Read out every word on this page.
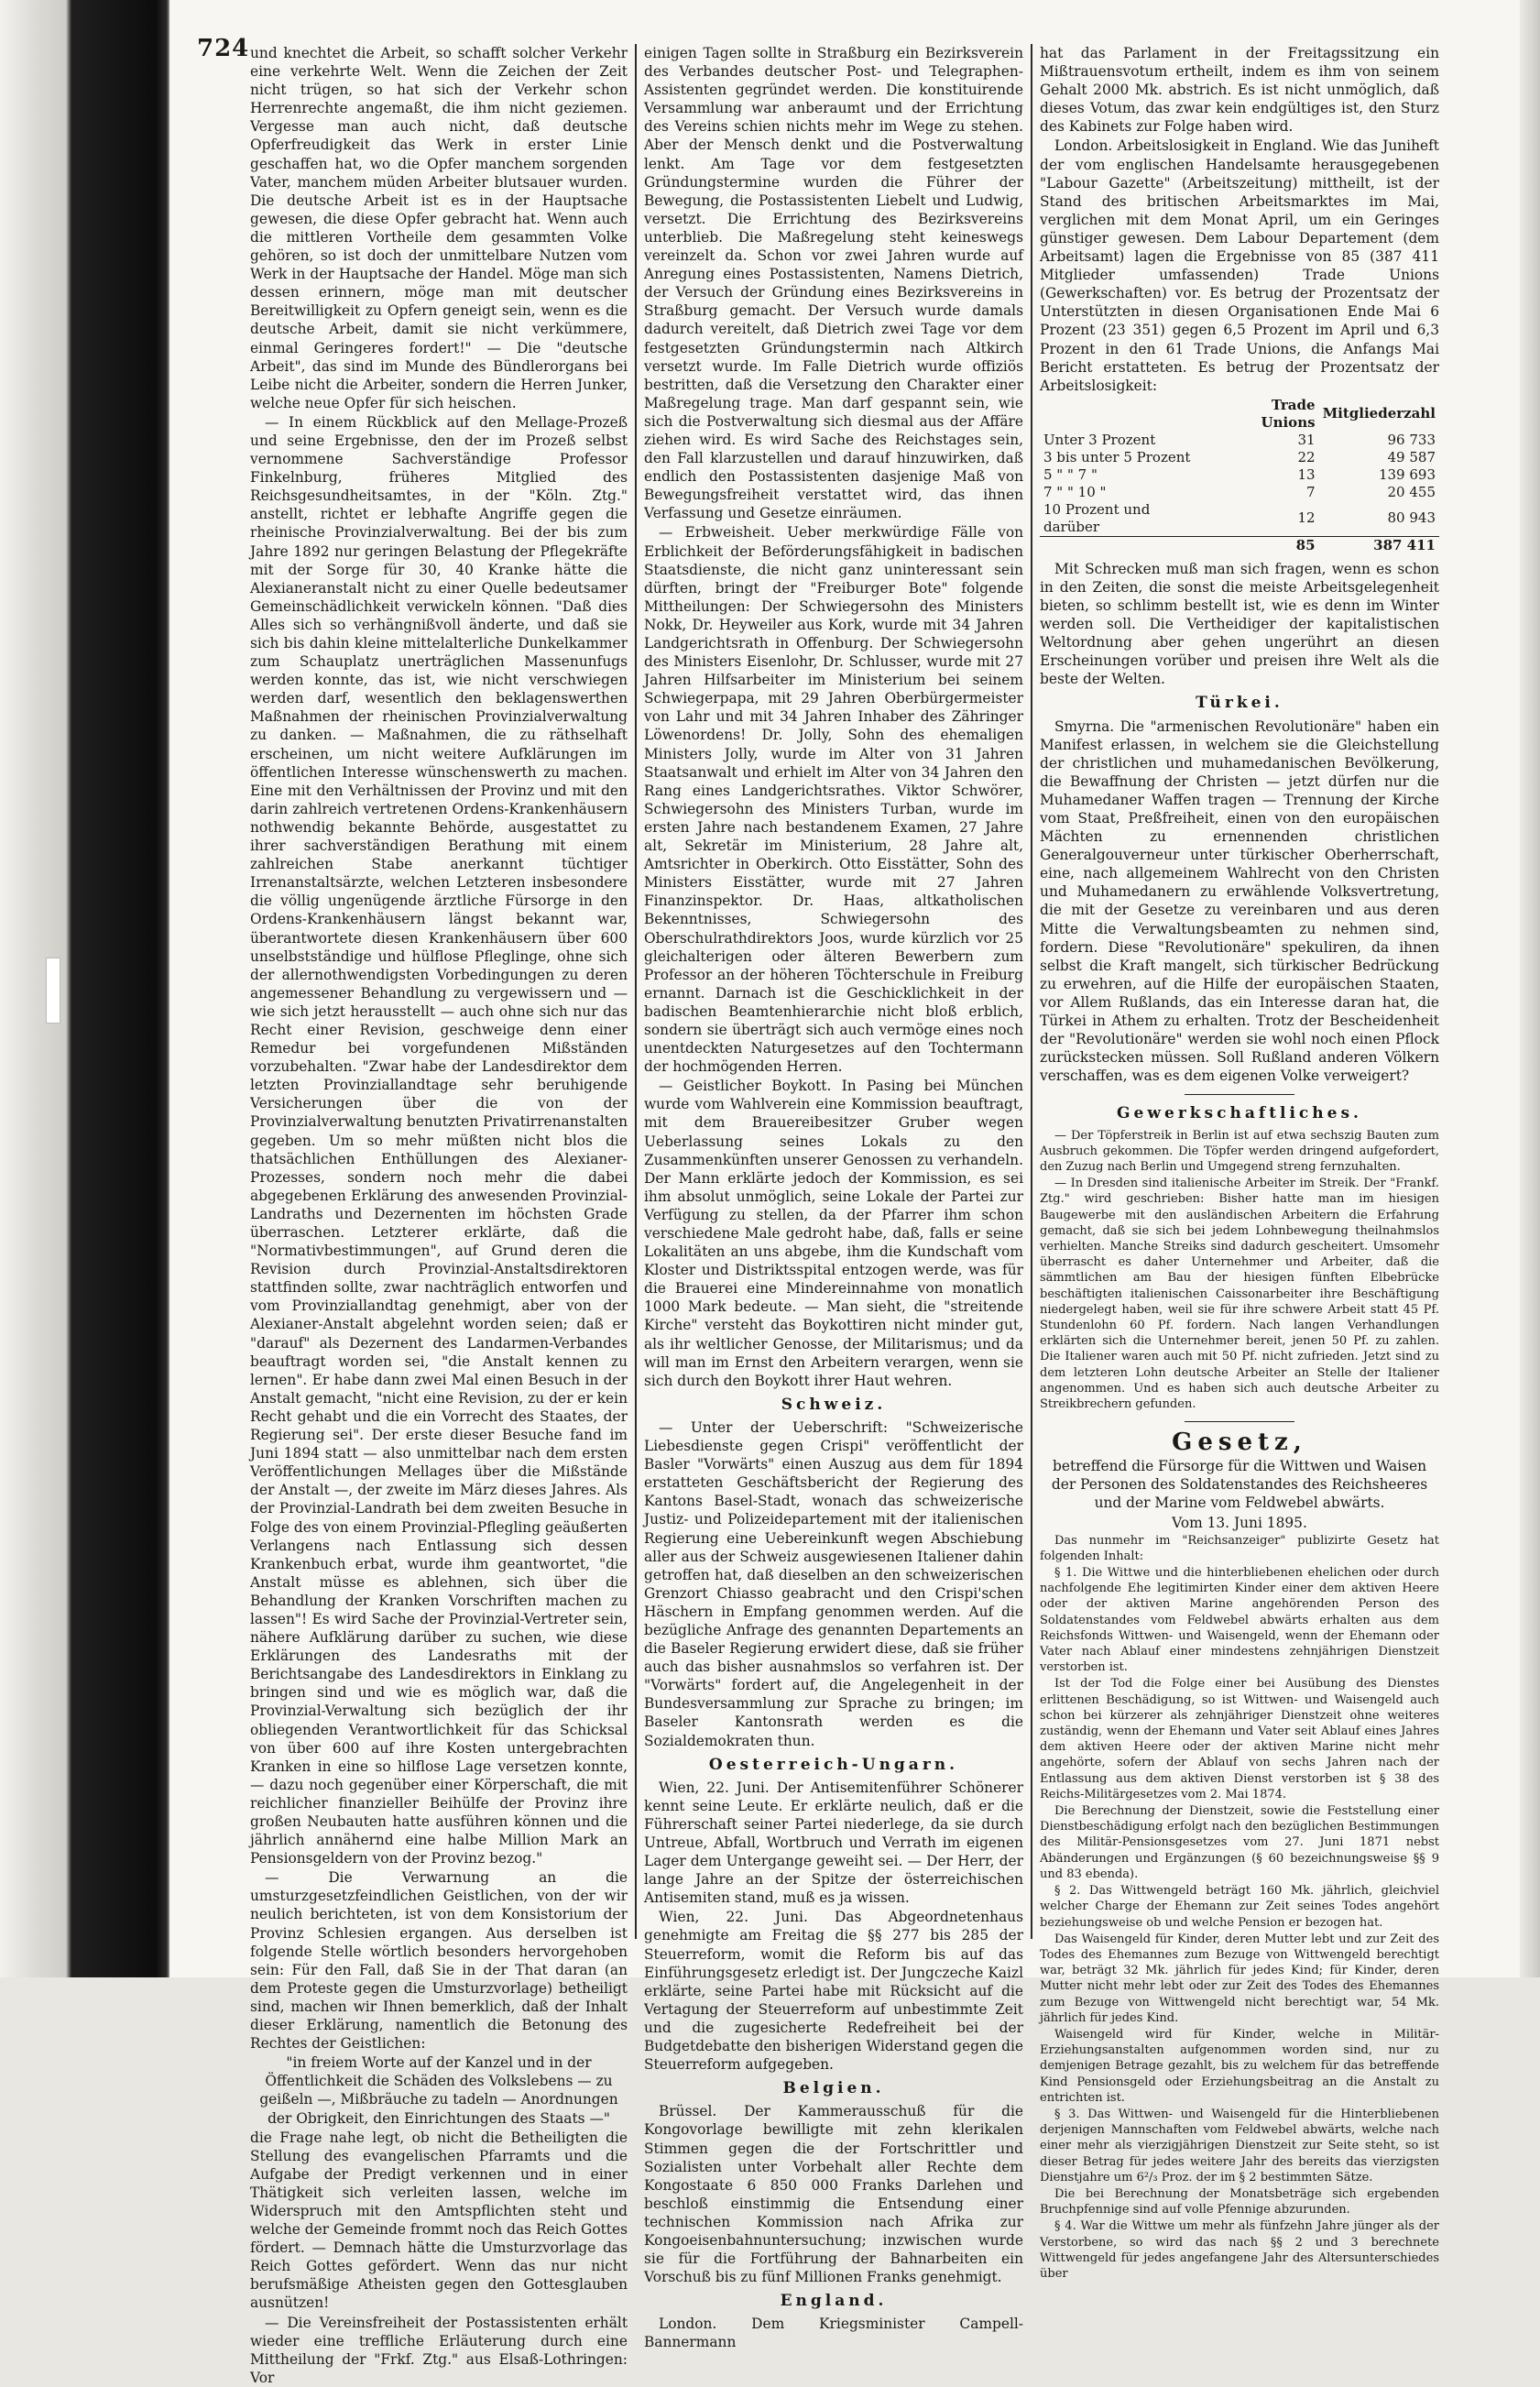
724 und knechtet die Arbeit, so schafft solcher Verkehr eine verkehrte Welt. Wenn die Zeichen der Zeit nicht trügen, so hat sich der Verkehr schon Herrenrechte angemaßt, die ihm nicht geziemen. Vergesse man auch nicht, daß deutsche Opferfreudigkeit das Werk in erster Linie geschaffen hat, wo die Opfer manchem sorgenden Vater, manchem müden Arbeiter blutsauer wurden. Die deutsche Arbeit ist es in der Hauptsache gewesen, die diese Opfer gebracht hat. Wenn auch die mittleren Vortheile dem gesammten Volke gehören, so ist doch der unmittelbare Nutzen vom Werk in der Hauptsache der Handel. Möge man sich dessen erinnern, möge man mit deutscher Bereitwilligkeit zu Opfern geneigt sein, wenn es die deutsche Arbeit, damit sie nicht verkümmere, einmal Geringeres fordert!" — Die "deutsche Arbeit", das sind im Munde des Bündlerorgans bei Leibe nicht die Arbeiter, sondern die Herren Junker, welche neue Opfer für sich heischen.

— In einem Rückblick auf den Mellage-Prozeß und seine Ergebnisse, den der im Prozeß selbst vernommene Sachverständige Professor Finkelnburg, früheres Mitglied des Reichsgesundheitsamtes, in der "Köln. Ztg." anstellt, richtet er lebhafte Angriffe gegen die rheinische Provinzialverwaltung. Bei der bis zum Jahre 1892 nur geringen Belastung der Pflegekräfte mit der Sorge für 30, 40 Kranke hätte die Alexianeranstalt nicht zu einer Quelle bedeutsamer Gemeinschädlichkeit verwickeln können. "Daß dies Alles sich so verhängnißvoll änderte, und daß sie sich bis dahin kleine mittelalterliche Dunkelkammer zum Schauplatz unerträglichen Massenunfugs werden konnte, das ist, wie nicht verschwiegen werden darf, wesentlich den beklagenswerthen Maßnahmen der rheinischen Provinzialverwaltung zu danken. — Maßnahmen, die zu räthselhaft erscheinen, um nicht weitere Aufklärungen im öffentlichen Interesse wünschenswerth zu machen. Eine mit den Verhältnissen der Provinz und mit den darin zahlreich vertretenen Ordens-Krankenhäusern nothwendig bekannte Behörde, ausgestattet zu ihrer sachverständigen Berathung mit einem zahlreichen Stabe anerkannt tüchtiger Irrenanstaltsärzte, welchen Letzteren insbesondere die völlig ungenügende ärztliche Fürsorge in den Ordens-Krankenhäusern längst bekannt war, überantwortete diesen Krankenhäusern über 600 unselbstständige und hülflose Pfleglinge, ohne sich der allernothwendigsten Vorbedingungen zu deren angemessener Behandlung zu vergewissern und — wie sich jetzt herausstellt — auch ohne sich nur das Recht einer Revision, geschweige denn einer Remedur bei vorgefundenen Mißständen vorzubehalten. "Zwar habe der Landesdirektor dem letzten Provinziallandtage sehr beruhigende Versicherungen über die von der Provinzialverwaltung benutzten Privatirrenanstalten gegeben. Um so mehr müßten nicht blos die thatsächlichen Enthüllungen des Alexianer-Prozesses, sondern noch mehr die dabei abgegebenen Erklärung des anwesenden Provinzial-Landraths und Dezernenten im höchsten Grade überraschen. Letzterer erklärte, daß die "Normativbestimmungen", auf Grund deren die Revision durch Provinzial-Anstaltsdirektoren stattfinden sollte, zwar nachträglich entworfen und vom Provinziallandtag genehmigt, aber von der Alexianer-Anstalt abgelehnt worden seien; daß er "darauf" als Dezernent des Landarmen-Verbandes beauftragt worden sei, "die Anstalt kennen zu lernen". Er habe dann zwei Mal einen Besuch in der Anstalt gemacht, "nicht eine Revision, zu der er kein Recht gehabt und die ein Vorrecht des Staates, der Regierung sei". Der erste dieser Besuche fand im Juni 1894 statt — also unmittelbar nach dem ersten Veröffentlichungen Mellages über die Mißstände der Anstalt —, der zweite im März dieses Jahres. Als der Provinzial-Landrath bei dem zweiten Besuche in Folge des von einem Provinzial-Pflegling geäußerten Verlangens nach Entlassung sich dessen Krankenbuch erbat, wurde ihm geantwortet, "die Anstalt müsse es ablehnen, sich über die Behandlung der Kranken Vorschriften machen zu lassen"! Es wird Sache der Provinzial-Vertreter sein, nähere Aufklärung darüber zu suchen, wie diese Erklärungen des Landesraths mit der Berichtsangabe des Landesdirektors in Einklang zu bringen sind und wie es möglich war, daß die Provinzial-Verwaltung sich bezüglich der ihr obliegenden Verantwortlichkeit für das Schicksal von über 600 auf ihre Kosten untergebrachten Kranken in eine so hilflose Lage versetzen konnte, — dazu noch gegenüber einer Körperschaft, die mit reichlicher finanzieller Beihülfe der Provinz ihre großen Neubauten hatte ausführen können und die jährlich annähernd eine halbe Million Mark an Pensionsgeldern von der Provinz bezog."

— Die Verwarnung an die umsturzgesetzfeindlichen Geistlichen, von der wir neulich berichteten, ist von dem Konsistorium der Provinz Schlesien ergangen. Aus derselben ist folgende Stelle wörtlich besonders hervorgehoben sein: Für den Fall, daß Sie in der That daran (an dem Proteste gegen die Umsturzvorlage) betheiligt sind, machen wir Ihnen bemerklich, daß der Inhalt dieser Erklärung, namentlich die Betonung des Rechtes der Geistlichen:

"in freiem Worte auf der Kanzel und in der Öffentlichkeit die Schäden des Volkslebens — zu geißeln —, Mißbräuche zu tadeln — Anordnungen der Obrigkeit, den Einrichtungen des Staats —"

die Frage nahe legt, ob nicht die Betheiligten die Stellung des evangelischen Pfarramts und die Aufgabe der Predigt verkennen und in einer Thätigkeit sich verleiten lassen, welche im Widerspruch mit den Amtspflichten steht und welche der Gemeinde frommt noch das Reich Gottes fördert. — Demnach hätte die Umsturzvorlage das Reich Gottes gefördert. Wenn das nur nicht berufsmäßige Atheisten gegen den Gottesglauben ausnützen!

— Die Vereinsfreiheit der Postassistenten erhält wieder eine treffliche Erläuterung durch eine Mittheilung der "Frkf. Ztg." aus Elsaß-Lothringen: Vor

einigen Tagen sollte in Straßburg ein Bezirksverein des Verbandes deutscher Post- und Telegraphen-Assistenten gegründet werden. Die konstituirende Versammlung war anberaumt und der Errichtung des Vereins schien nichts mehr im Wege zu stehen. Aber der Mensch denkt und die Postverwaltung lenkt. Am Tage vor dem festgesetzten Gründungstermine wurden die Führer der Bewegung, die Postassistenten Liebelt und Ludwig, versetzt. Die Errichtung des Bezirksvereins unterblieb. Die Maßregelung steht keineswegs vereinzelt da. Schon vor zwei Jahren wurde auf Anregung eines Postassistenten, Namens Dietrich, der Versuch der Gründung eines Bezirksvereins in Straßburg gemacht. Der Versuch wurde damals dadurch vereitelt, daß Dietrich zwei Tage vor dem festgesetzten Gründungstermin nach Altkirch versetzt wurde. Im Falle Dietrich wurde offiziös bestritten, daß die Versetzung den Charakter einer Maßregelung trage. Man darf gespannt sein, wie sich die Postverwaltung sich diesmal aus der Affäre ziehen wird. Es wird Sache des Reichstages sein, den Fall klarzustellen und darauf hinzuwirken, daß endlich den Postassistenten dasjenige Maß von Bewegungsfreiheit verstattet wird, das ihnen Verfassung und Gesetze einräumen.

— Erbweisheit. Ueber merkwürdige Fälle von Erblichkeit der Beförderungsfähigkeit in badischen Staatsdienste, die nicht ganz uninteressant sein dürften, bringt der "Freiburger Bote" folgende Mittheilungen: Der Schwiegersohn des Ministers Nokk, Dr. Heyweiler aus Kork, wurde mit 34 Jahren Landgerichtsrath in Offenburg. Der Schwiegersohn des Ministers Eisenlohr, Dr. Schlusser, wurde mit 27 Jahren Hilfsarbeiter im Ministerium bei seinem Schwiegerpapa, mit 29 Jahren Oberbürgermeister von Lahr und mit 34 Jahren Inhaber des Zähringer Löwenordens! Dr. Jolly, Sohn des ehemaligen Ministers Jolly, wurde im Alter von 31 Jahren Staatsanwalt und erhielt im Alter von 34 Jahren den Rang eines Landgerichtsrathes. Viktor Schwörer, Schwiegersohn des Ministers Turban, wurde im ersten Jahre nach bestandenem Examen, 27 Jahre alt, Sekretär im Ministerium, 28 Jahre alt, Amtsrichter in Oberkirch. Otto Eisstätter, Sohn des Ministers Eisstätter, wurde mit 27 Jahren Finanzinspektor. Dr. Haas, altkatholischen Bekenntnisses, Schwiegersohn des Oberschulrathdirektors Joos, wurde kürzlich vor 25 gleichalterigen oder älteren Bewerbern zum Professor an der höheren Töchterschule in Freiburg ernannt. Darnach ist die Geschicklichkeit in der badischen Beamtenhierarchie nicht bloß erblich, sondern sie überträgt sich auch vermöge eines noch unentdeckten Naturgesetzes auf den Tochtermann der hochmögenden Herren.

— Geistlicher Boykott. In Pasing bei München wurde vom Wahlverein eine Kommission beauftragt, mit dem Brauereibesitzer Gruber wegen Ueberlassung seines Lokals zu den Zusammenkünften unserer Genossen zu verhandeln. Der Mann erklärte jedoch der Kommission, es sei ihm absolut unmöglich, seine Lokale der Partei zur Verfügung zu stellen, da der Pfarrer ihm schon verschiedene Male gedroht habe, daß, falls er seine Lokalitäten an uns abgebe, ihm die Kundschaft vom Kloster und Distriktsspital entzogen werde, was für die Brauerei eine Mindereinnahme von monatlich 1000 Mark bedeute. — Man sieht, die "streitende Kirche" versteht das Boykottiren nicht minder gut, als ihr weltlicher Genosse, der Militarismus; und da will man im Ernst den Arbeitern verargen, wenn sie sich durch den Boykott ihrer Haut wehren.

Schweiz.

— Unter der Ueberschrift: "Schweizerische Liebesdienste gegen Crispi" veröffentlicht der Basler "Vorwärts" einen Auszug aus dem für 1894 erstatteten Geschäftsbericht der Regierung des Kantons Basel-Stadt, wonach das schweizerische Justiz- und Polizeidepartement mit der italienischen Regierung eine Uebereinkunft wegen Abschiebung aller aus der Schweiz ausgewiesenen Italiener dahin getroffen hat, daß dieselben an den schweizerischen Grenzort Chiasso geabracht und den Crispi'schen Häschern in Empfang genommen werden. Auf die bezügliche Anfrage des genannten Departements an die Baseler Regierung erwidert diese, daß sie früher auch das bisher ausnahmslos so verfahren ist. Der "Vorwärts" fordert auf, die Angelegenheit in der Bundesversammlung zur Sprache zu bringen; im Baseler Kantonsrath werden es die Sozialdemokraten thun.

Oesterreich-Ungarn.

Wien, 22. Juni. Der Antisemitenführer Schönerer kennt seine Leute. Er erklärte neulich, daß er die Führerschaft seiner Partei niederlege, da sie durch Untreue, Abfall, Wortbruch und Verrath im eigenen Lager dem Untergange geweiht sei. — Der Herr, der lange Jahre an der Spitze der österreichischen Antisemiten stand, muß es ja wissen.

Wien, 22. Juni. Das Abgeordnetenhaus genehmigte am Freitag die §§ 277 bis 285 der Steuerreform, womit die Reform bis auf das Einführungsgesetz erledigt ist. Der Jungczeche Kaizl erklärte, seine Partei habe mit Rücksicht auf die Vertagung der Steuerreform auf unbestimmte Zeit und die zugesicherte Redefreiheit bei der Budgetdebatte den bisherigen Widerstand gegen die Steuerreform aufgegeben.

Belgien.

Brüssel. Der Kammerausschuß für die Kongovorlage bewilligte mit zehn klerikalen Stimmen gegen die der Fortschrittler und Sozialisten unter Vorbehalt aller Rechte dem Kongostaate 6 850 000 Franks Darlehen und beschloß einstimmig die Entsendung einer technischen Kommission nach Afrika zur Kongoeisenbahnuntersuchung; inzwischen wurde sie für die Fortführung der Bahnarbeiten ein Vorschuß bis zu fünf Millionen Franks genehmigt.

England.

London. Dem Kriegsminister Campell-Bannermann

hat das Parlament in der Freitagssitzung ein Mißtrauensvotum ertheilt, indem es ihm von seinem Gehalt 2000 Mk. abstrich. Es ist nicht unmöglich, daß dieses Votum, das zwar kein endgültiges ist, den Sturz des Kabinets zur Folge haben wird.

London. Arbeitslosigkeit in England. Wie das Juniheft der vom englischen Handelsamte herausgegebenen "Labour Gazette" (Arbeitszeitung) mittheilt, ist der Stand des britischen Arbeitsmarktes im Mai, verglichen mit dem Monat April, um ein Geringes günstiger gewesen. Dem Labour Departement (dem Arbeitsamt) lagen die Ergebnisse von 85 (387 411 Mitglieder umfassenden) Trade Unions (Gewerkschaften) vor. Es betrug der Prozentsatz der Unterstützten in diesen Organisationen Ende Mai 6 Prozent (23 351) gegen 6,5 Prozent im April und 6,3 Prozent in den 61 Trade Unions, die Anfangs Mai Bericht erstatteten. Es betrug der Prozentsatz der Arbeitslosigkeit:

	Trade Unions	Mitgliederzahl
Unter 3 Prozent	31	96 733
3 bis unter 5 Prozent	22	49 587
5 " " 7 "	13	139 693
7 " " 10 "	7	20 455
10 Prozent und darüber	12	80 943
	85	387 411

Mit Schrecken muß man sich fragen, wenn es schon in den Zeiten, die sonst die meiste Arbeitsgelegenheit bieten, so schlimm bestellt ist, wie es denn im Winter werden soll. Die Vertheidiger der kapitalistischen Weltordnung aber gehen ungerührt an diesen Erscheinungen vorüber und preisen ihre Welt als die beste der Welten.

Türkei.

Smyrna. Die "armenischen Revolutionäre" haben ein Manifest erlassen, in welchem sie die Gleichstellung der christlichen und muhamedanischen Bevölkerung, die Bewaffnung der Christen — jetzt dürfen nur die Muhamedaner Waffen tragen — Trennung der Kirche vom Staat, Preßfreiheit, einen von den europäischen Mächten zu ernennenden christlichen Generalgouverneur unter türkischer Oberherrschaft, eine, nach allgemeinem Wahlrecht von den Christen und Muhamedanern zu erwählende Volksvertretung, die mit der Gesetze zu vereinbaren und aus deren Mitte die Verwaltungsbeamten zu nehmen sind, fordern. Diese "Revolutionäre" spekuliren, da ihnen selbst die Kraft mangelt, sich türkischer Bedrückung zu erwehren, auf die Hilfe der europäischen Staaten, vor Allem Rußlands, das ein Interesse daran hat, die Türkei in Athem zu erhalten. Trotz der Bescheidenheit der "Revolutionäre" werden sie wohl noch einen Pflock zurückstecken müssen. Soll Rußland anderen Völkern verschaffen, was es dem eigenen Volke verweigert?

Gewerkschaftliches.

— Der Töpferstreik in Berlin ist auf etwa sechszig Bauten zum Ausbruch gekommen. Die Töpfer werden dringend aufgefordert, den Zuzug nach Berlin und Umgegend streng fernzuhalten.

— In Dresden sind italienische Arbeiter im Streik. Der "Frankf. Ztg." wird geschrieben: Bisher hatte man im hiesigen Baugewerbe mit den ausländischen Arbeitern die Erfahrung gemacht, daß sie sich bei jedem Lohnbewegung theilnahmslos verhielten. Manche Streiks sind dadurch gescheitert. Umsomehr überrascht es daher Unternehmer und Arbeiter, daß die sämmtlichen am Bau der hiesigen fünften Elbebrücke beschäftigten italienischen Caissonarbeiter ihre Beschäftigung niedergelegt haben, weil sie für ihre schwere Arbeit statt 45 Pf. Stundenlohn 60 Pf. fordern. Nach langen Verhandlungen erklärten sich die Unternehmer bereit, jenen 50 Pf. zu zahlen. Die Italiener waren auch mit 50 Pf. nicht zufrieden. Jetzt sind zu dem letzteren Lohn deutsche Arbeiter an Stelle der Italiener angenommen. Und es haben sich auch deutsche Arbeiter zu Streikbrechern gefunden.

Gesetz,

betreffend die Fürsorge für die Wittwen und Waisen der Personen des Soldatenstandes des Reichsheeres und der Marine vom Feldwebel abwärts.

Vom 13. Juni 1895.

Das nunmehr im "Reichsanzeiger" publizirte Gesetz hat folgenden Inhalt:

§ 1. Die Wittwe und die hinterbliebenen ehelichen oder durch nachfolgende Ehe legitimirten Kinder einer dem aktiven Heere oder der aktiven Marine angehörenden Person des Soldatenstandes vom Feldwebel abwärts erhalten aus dem Reichsfonds Wittwen- und Waisengeld, wenn der Ehemann oder Vater nach Ablauf einer mindestens zehnjährigen Dienstzeit verstorben ist.

Ist der Tod die Folge einer bei Ausübung des Dienstes erlittenen Beschädigung, so ist Wittwen- und Waisengeld auch schon bei kürzerer als zehnjähriger Dienstzeit ohne weiteres zuständig, wenn der Ehemann und Vater seit Ablauf eines Jahres dem aktiven Heere oder der aktiven Marine nicht mehr angehörte, sofern der Ablauf von sechs Jahren nach der Entlassung aus dem aktiven Dienst verstorben ist § 38 des Reichs-Militärgesetzes vom 2. Mai 1874.

Die Berechnung der Dienstzeit, sowie die Feststellung einer Dienstbeschädigung erfolgt nach den bezüglichen Bestimmungen des Militär-Pensionsgesetzes vom 27. Juni 1871 nebst Abänderungen und Ergänzungen (§ 60 bezeichnungsweise §§ 9 und 83 ebenda).

§ 2. Das Wittwengeld beträgt 160 Mk. jährlich, gleichviel welcher Charge der Ehemann zur Zeit seines Todes angehört beziehungsweise ob und welche Pension er bezogen hat.

Das Waisengeld für Kinder, deren Mutter lebt und zur Zeit des Todes des Ehemannes zum Bezuge von Wittwengeld berechtigt war, beträgt 32 Mk. jährlich für jedes Kind; für Kinder, deren Mutter nicht mehr lebt oder zur Zeit des Todes des Ehemannes zum Bezuge von Wittwengeld nicht berechtigt war, 54 Mk. jährlich für jedes Kind.

Waisengeld wird für Kinder, welche in Militär-Erziehungsanstalten aufgenommen worden sind, nur zu demjenigen Betrage gezahlt, bis zu welchem für das betreffende Kind Pensionsgeld oder Erziehungsbeitrag an die Anstalt zu entrichten ist.

§ 3. Das Wittwen- und Waisengeld für die Hinterbliebenen derjenigen Mannschaften vom Feldwebel abwärts, welche nach einer mehr als vierzigjährigen Dienstzeit zur Seite steht, so ist dieser Betrag für jedes weitere Jahr des bereits das vierzigsten Dienstjahre um 6²/₃ Proz. der im § 2 bestimmten Sätze.

Die bei Berechnung der Monatsbeträge sich ergebenden Bruchpfennige sind auf volle Pfennige abzurunden.

§ 4. War die Wittwe um mehr als fünfzehn Jahre jünger als der Verstorbene, so wird das nach §§ 2 und 3 berechnete Wittwengeld für jedes angefangene Jahr des Altersunterschiedes über
